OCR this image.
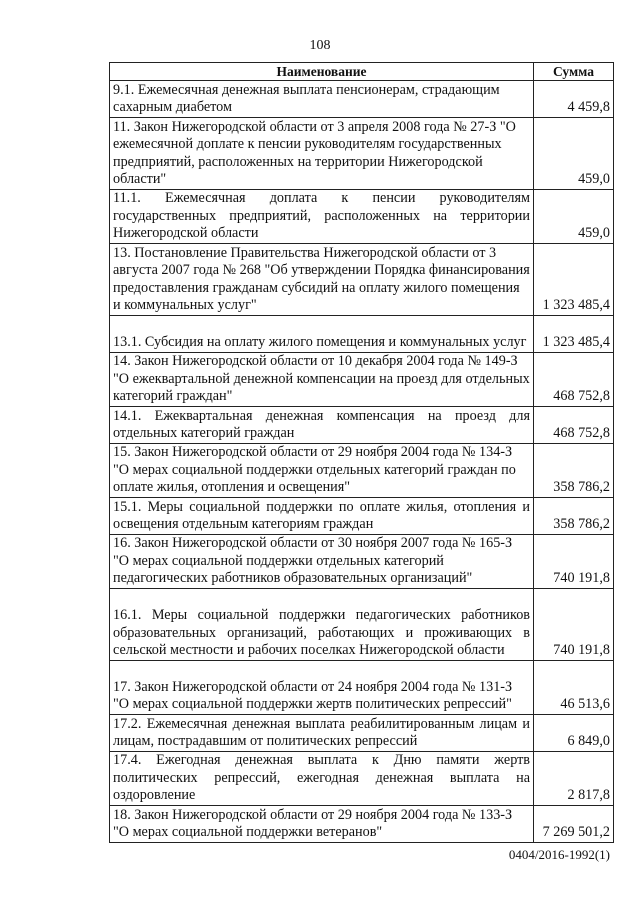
108
Наименование	Сумма
9.1. Ежемесячная денежная выплата пенсионерам, страдающим сахарным диабетом	4 459,8
11. Закон Нижегородской области от 3 апреля 2008 года № 27-З "О ежемесячной доплате к пенсии руководителям государственных предприятий, расположенных на территории Нижегородской области"	459,0
11.1. Ежемесячная доплата к пенсии руководителям государственных предприятий, расположенных на территории Нижегородской области	459,0
13. Постановление Правительства Нижегородской области от 3 августа 2007 года № 268 "Об утверждении Порядка финансирования предоставления гражданам субсидий на оплату жилого помещения и коммунальных услуг"	1 323 485,4
13.1. Субсидия на оплату жилого помещения и коммунальных услуг	1 323 485,4
14. Закон Нижегородской области от 10 декабря 2004 года № 149-З "О ежеквартальной денежной компенсации на проезд для отдельных категорий граждан"	468 752,8
14.1. Ежеквартальная денежная компенсация на проезд для отдельных категорий граждан	468 752,8
15. Закон Нижегородской области от 29 ноября 2004 года № 134-З "О мерах социальной поддержки отдельных категорий граждан по оплате жилья, отопления и освещения"	358 786,2
15.1. Меры социальной поддержки по оплате жилья, отопления и освещения отдельным категориям граждан	358 786,2
16. Закон Нижегородской области от 30 ноября 2007 года № 165-З "О мерах социальной поддержки отдельных категорий педагогических работников образовательных организаций"	740 191,8
16.1. Меры социальной поддержки педагогических работников образовательных организаций, работающих и проживающих в сельской местности и рабочих поселках Нижегородской области	740 191,8
17. Закон Нижегородской области от 24 ноября 2004 года № 131-З "О мерах социальной поддержки жертв политических репрессий"	46 513,6
17.2. Ежемесячная денежная выплата реабилитированным лицам и лицам, пострадавшим от политических репрессий	6 849,0
17.4. Ежегодная денежная выплата к Дню памяти жертв политических репрессий, ежегодная денежная выплата на оздоровление	2 817,8
18. Закон Нижегородской области от 29 ноября 2004 года № 133-З "О мерах социальной поддержки ветеранов"	7 269 501,2
0404/2016-1992(1)
